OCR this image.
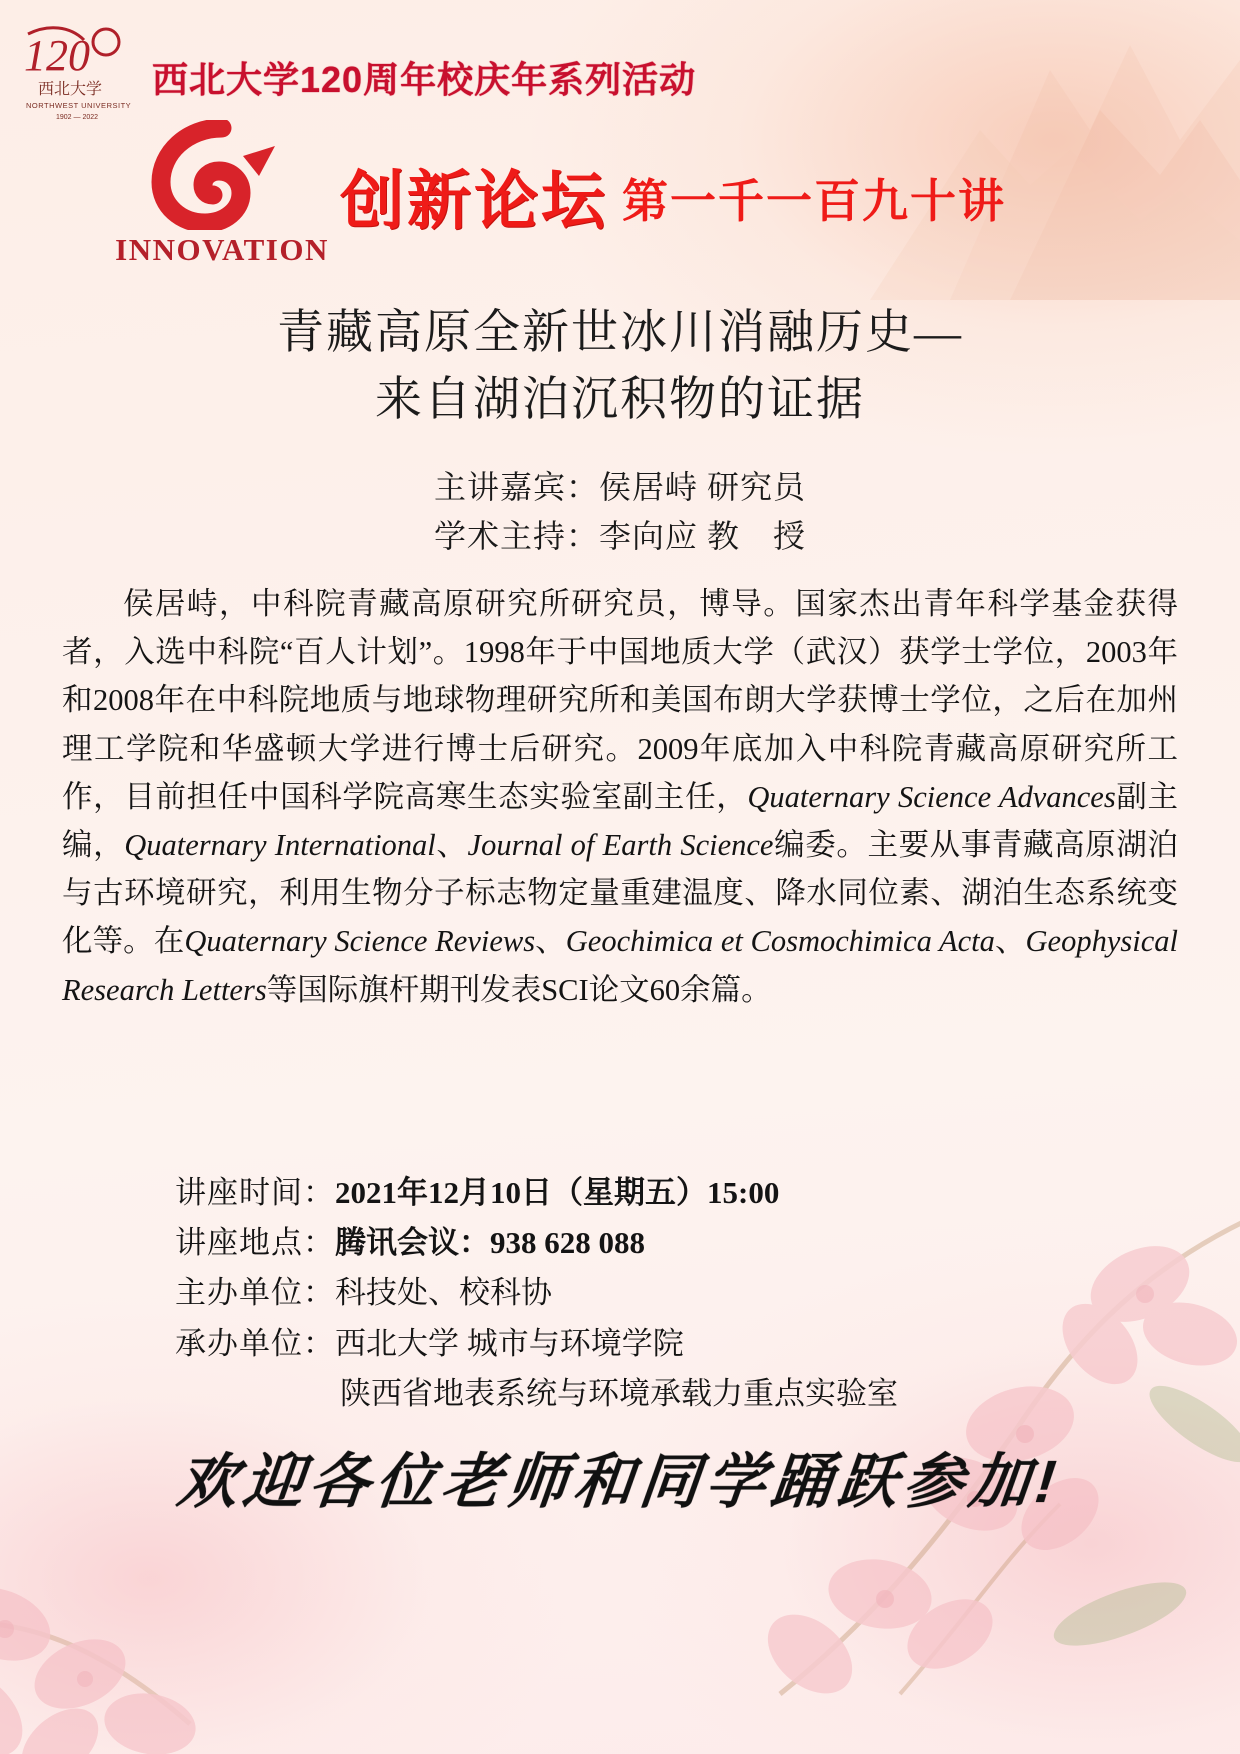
120
西北大学
NORTHWEST UNIVERSITY
1902 — 2022
西北大学120周年校庆年系列活动
INNOVATION
创新论坛 第一千一百九十讲
青藏高原全新世冰川消融历史—
来自湖泊沉积物的证据
主讲嘉宾：侯居峙 研究员
学术主持：李向应 教　授
侯居峙，中科院青藏高原研究所研究员，博导。国家杰出青年科学基金获得者，入选中科院“百人计划”。1998年于中国地质大学（武汉）获学士学位，2003年和2008年在中科院地质与地球物理研究所和美国布朗大学获博士学位，之后在加州理工学院和华盛顿大学进行博士后研究。2009年底加入中科院青藏高原研究所工作，目前担任中国科学院高寒生态实验室副主任，Quaternary Science Advances副主编，Quaternary International、Journal of Earth Science编委。主要从事青藏高原湖泊与古环境研究，利用生物分子标志物定量重建温度、降水同位素、湖泊生态系统变化等。在Quaternary Science Reviews、Geochimica et Cosmochimica Acta、Geophysical Research Letters等国际旗杆期刊发表SCI论文60余篇。
讲座时间：2021年12月10日（星期五）15:00
讲座地点：腾讯会议：938 628 088
主办单位：科技处、校科协
承办单位：西北大学 城市与环境学院
陕西省地表系统与环境承载力重点实验室
欢迎各位老师和同学踊跃参加!
